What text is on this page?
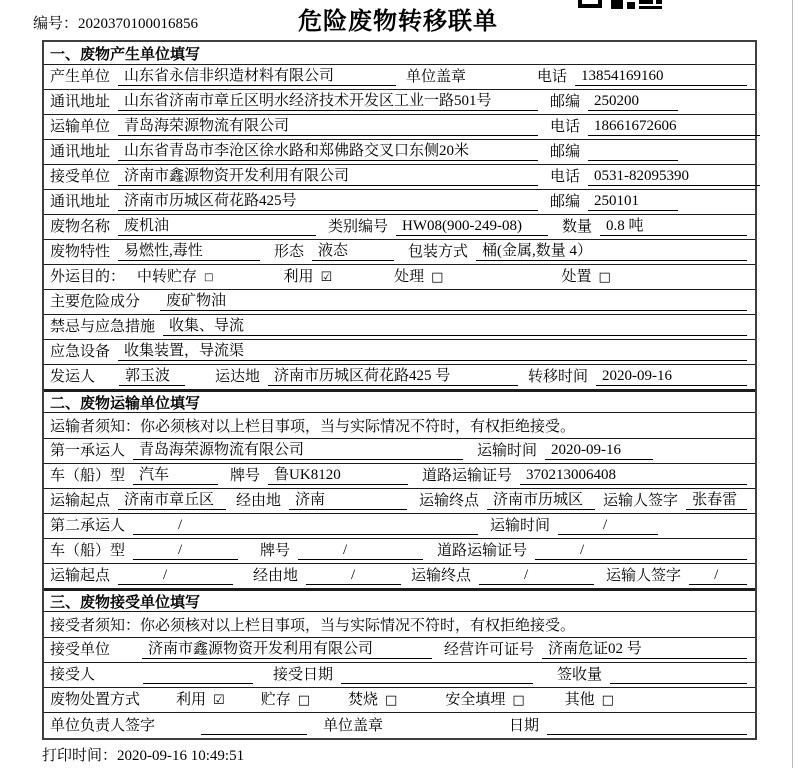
编号：2020370100016856	危险废物转移联单
一、废物产生单位填写
产生单位 山东省永信非织造材料有限公司	单位盖章	电话 13854169160
通讯地址 山东省济南市章丘区明水经济技术开发区工业一路501号	邮编 250200
运输单位 青岛海荣源物流有限公司	电话 18661672606
通讯地址 山东省青岛市李沧区徐水路和郑佛路交叉口东侧20米	邮编
接受单位 济南市鑫源物资开发利用有限公司	电话 0531-82095390
通讯地址 济南市历城区荷花路425号	邮编 250101
废物名称 废机油	类别编号 HW08(900-249-08)	数量 0.8 吨
废物特性 易燃性,毒性	形态 液态	包装方式 桶(金属,数量 4）
外运目的： 中转贮存 □	利用 ☑	处理 □	处置 □
主要危险成分	废矿物油
禁忌与应急措施 收集、导流
应急设备 收集装置，导流渠
发运人	郭玉波	运达地 济南市历城区荷花路425 号	转移时间 2020-09-16
二、废物运输单位填写
运输者须知：你必须核对以上栏目事项，当与实际情况不符时，有权拒绝接受。
第一承运人 青岛海荣源物流有限公司	运输时间 2020-09-16
车（船）型 汽车	牌号 鲁UK8120	道路运输证号 370213006408
运输起点 济南市章丘区	经由地 济南	运输终点 济南市历城区	运输人签字 张春雷
第二承运人	/	运输时间	/
车（船）型	/	牌号	/	道路运输证号	/
运输起点	/	经由地	/	运输终点	/	运输人签字	/
三、废物接受单位填写
接受者须知：你必须核对以上栏目事项，当与实际情况不符时，有权拒绝接受。
接受单位	济南市鑫源物资开发利用有限公司	经营许可证号 济南危证02 号
接受人	接受日期	签收量
废物处置方式 利用 ☑ 贮存 □	焚烧 □	安全填埋 □	其他 □
单位负责人签字	单位盖章	日期
打印时间：2020-09-16 10:49:51
